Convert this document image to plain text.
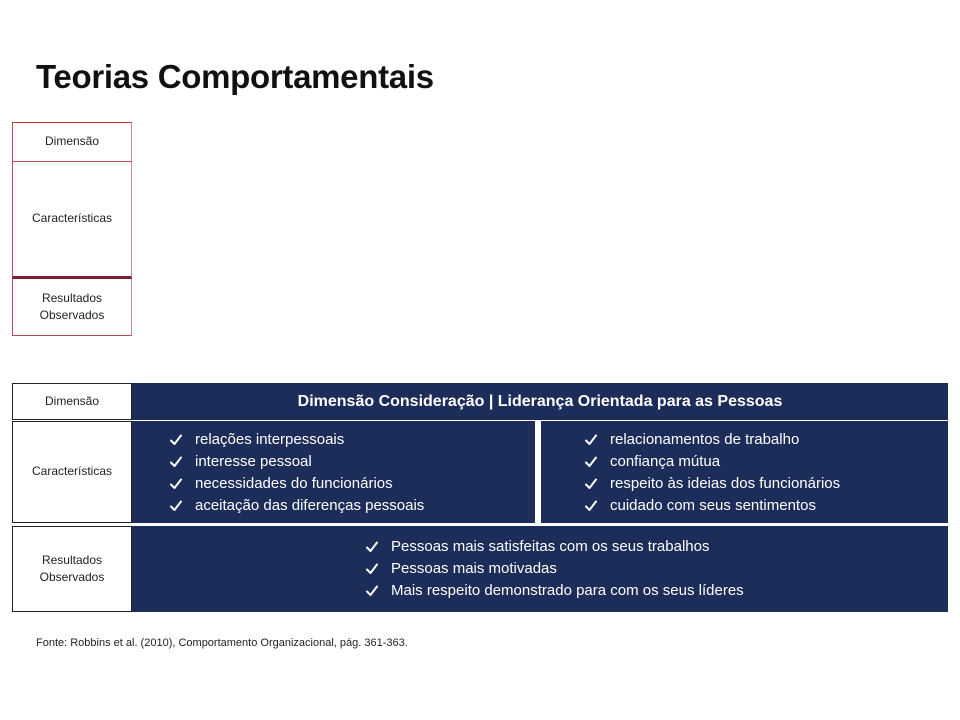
Teorias Comportamentais
Dimensão
Características
Resultados Observados
Dimensão
Características
Resultados Observados
Dimensão Consideração | Liderança Orientada para as Pessoas
relações interpessoais
interesse pessoal
necessidades do funcionários
aceitação das diferenças pessoais
relacionamentos de trabalho
confiança mútua
respeito às ideias dos funcionários
cuidado com seus sentimentos
Pessoas mais satisfeitas com os seus trabalhos
Pessoas mais motivadas
Mais respeito demonstrado para com os seus líderes
Fonte: Robbins et al. (2010), Comportamento Organizacional, pág. 361-363.
